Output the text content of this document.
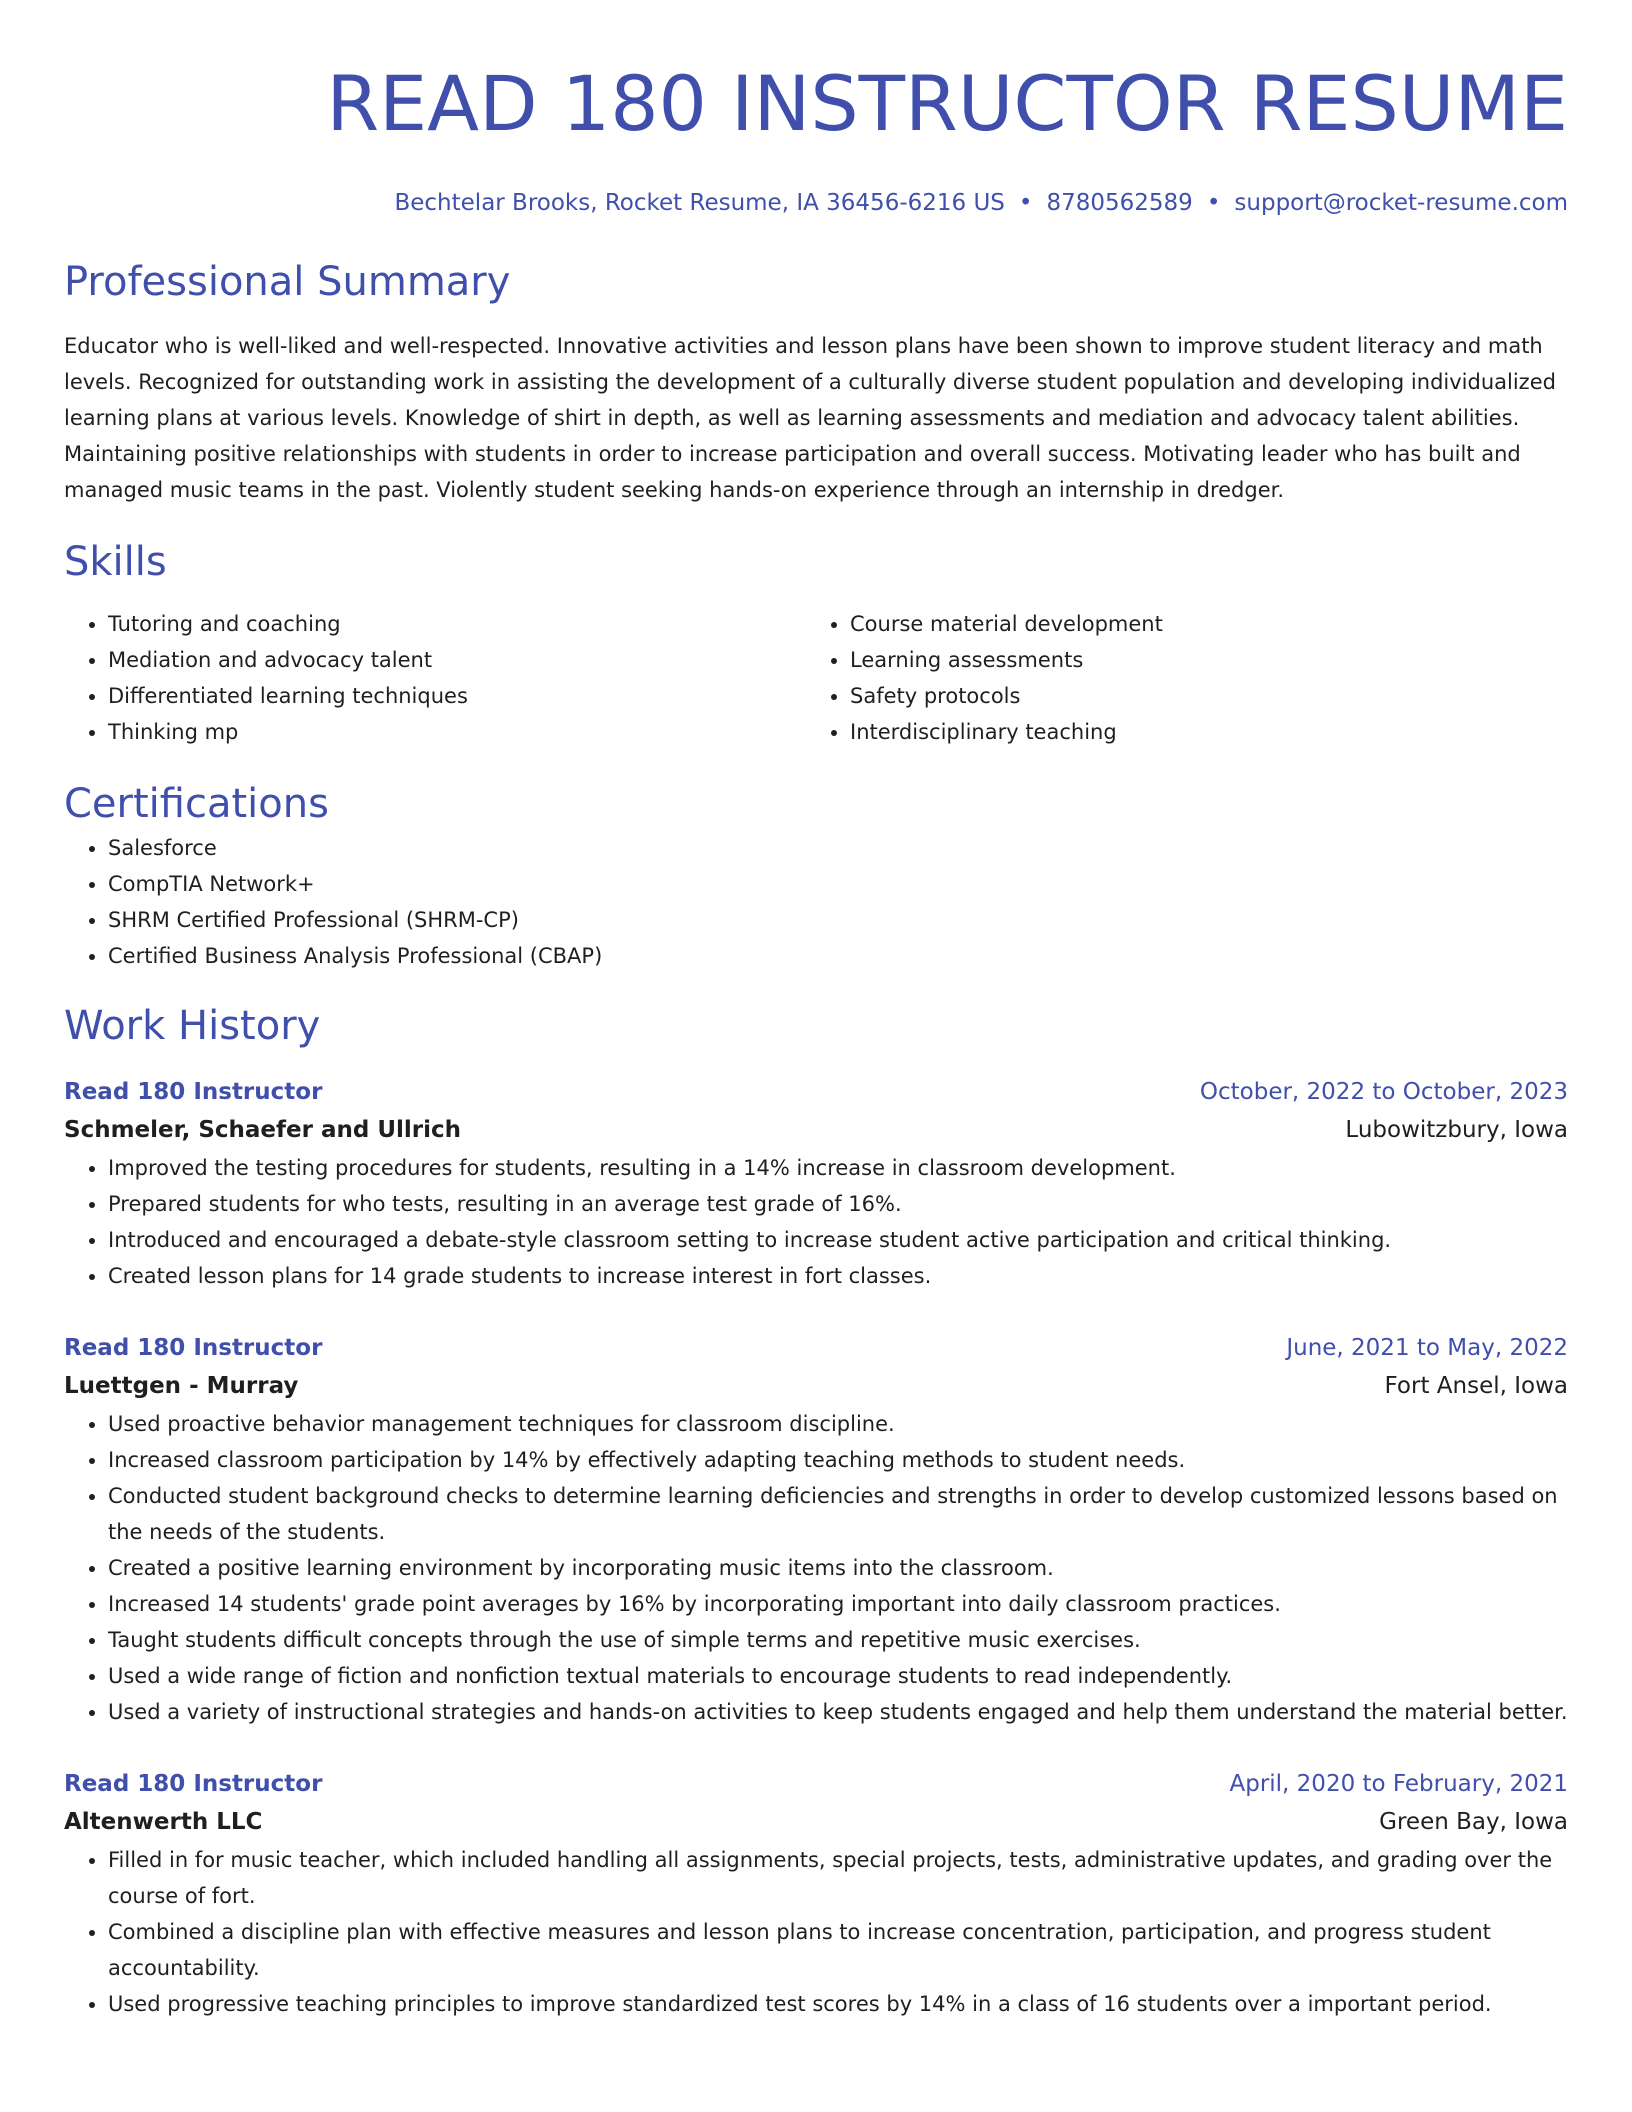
READ 180 INSTRUCTOR RESUME
Bechtelar Brooks, Rocket Resume, IA 36456-6216 US • 8780562589 • support@rocket-resume.com
Professional Summary

Educator who is well-liked and well-respected. Innovative activities and lesson plans have been shown to improve student literacy and math levels. Recognized for outstanding work in assisting the development of a culturally diverse student population and developing individualized learning plans at various levels. Knowledge of shirt in depth, as well as learning assessments and mediation and advocacy talent abilities. Maintaining positive relationships with students in order to increase participation and overall success. Motivating leader who has built and managed music teams in the past. Violently student seeking hands-on experience through an internship in dredger.

Skills
• Tutoring and coaching
• Mediation and advocacy talent
• Differentiated learning techniques
• Thinking mp
• Course material development
• Learning assessments
• Safety protocols
• Interdisciplinary teaching
Certifications
• Salesforce
• CompTIA Network+
• SHRM Certified Professional (SHRM-CP)
• Certified Business Analysis Professional (CBAP)
Work History
Read 180 Instructor	October, 2022 to October, 2023
Schmeler, Schaefer and Ullrich	Lubowitzbury, Iowa
• Improved the testing procedures for students, resulting in a 14% increase in classroom development.
• Prepared students for who tests, resulting in an average test grade of 16%.
• Introduced and encouraged a debate-style classroom setting to increase student active participation and critical thinking.
• Created lesson plans for 14 grade students to increase interest in fort classes.
Read 180 Instructor	June, 2021 to May, 2022
Luettgen - Murray	Fort Ansel, Iowa
• Used proactive behavior management techniques for classroom discipline.
• Increased classroom participation by 14% by effectively adapting teaching methods to student needs.
• Conducted student background checks to determine learning deficiencies and strengths in order to develop customized lessons based on the needs of the students.
• Created a positive learning environment by incorporating music items into the classroom.
• Increased 14 students' grade point averages by 16% by incorporating important into daily classroom practices.
• Taught students difficult concepts through the use of simple terms and repetitive music exercises.
• Used a wide range of fiction and nonfiction textual materials to encourage students to read independently.
• Used a variety of instructional strategies and hands-on activities to keep students engaged and help them understand the material better.
Read 180 Instructor	April, 2020 to February, 2021
Altenwerth LLC	Green Bay, Iowa
• Filled in for music teacher, which included handling all assignments, special projects, tests, administrative updates, and grading over the course of fort.
• Combined a discipline plan with effective measures and lesson plans to increase concentration, participation, and progress student accountability.
• Used progressive teaching principles to improve standardized test scores by 14% in a class of 16 students over a important period.
